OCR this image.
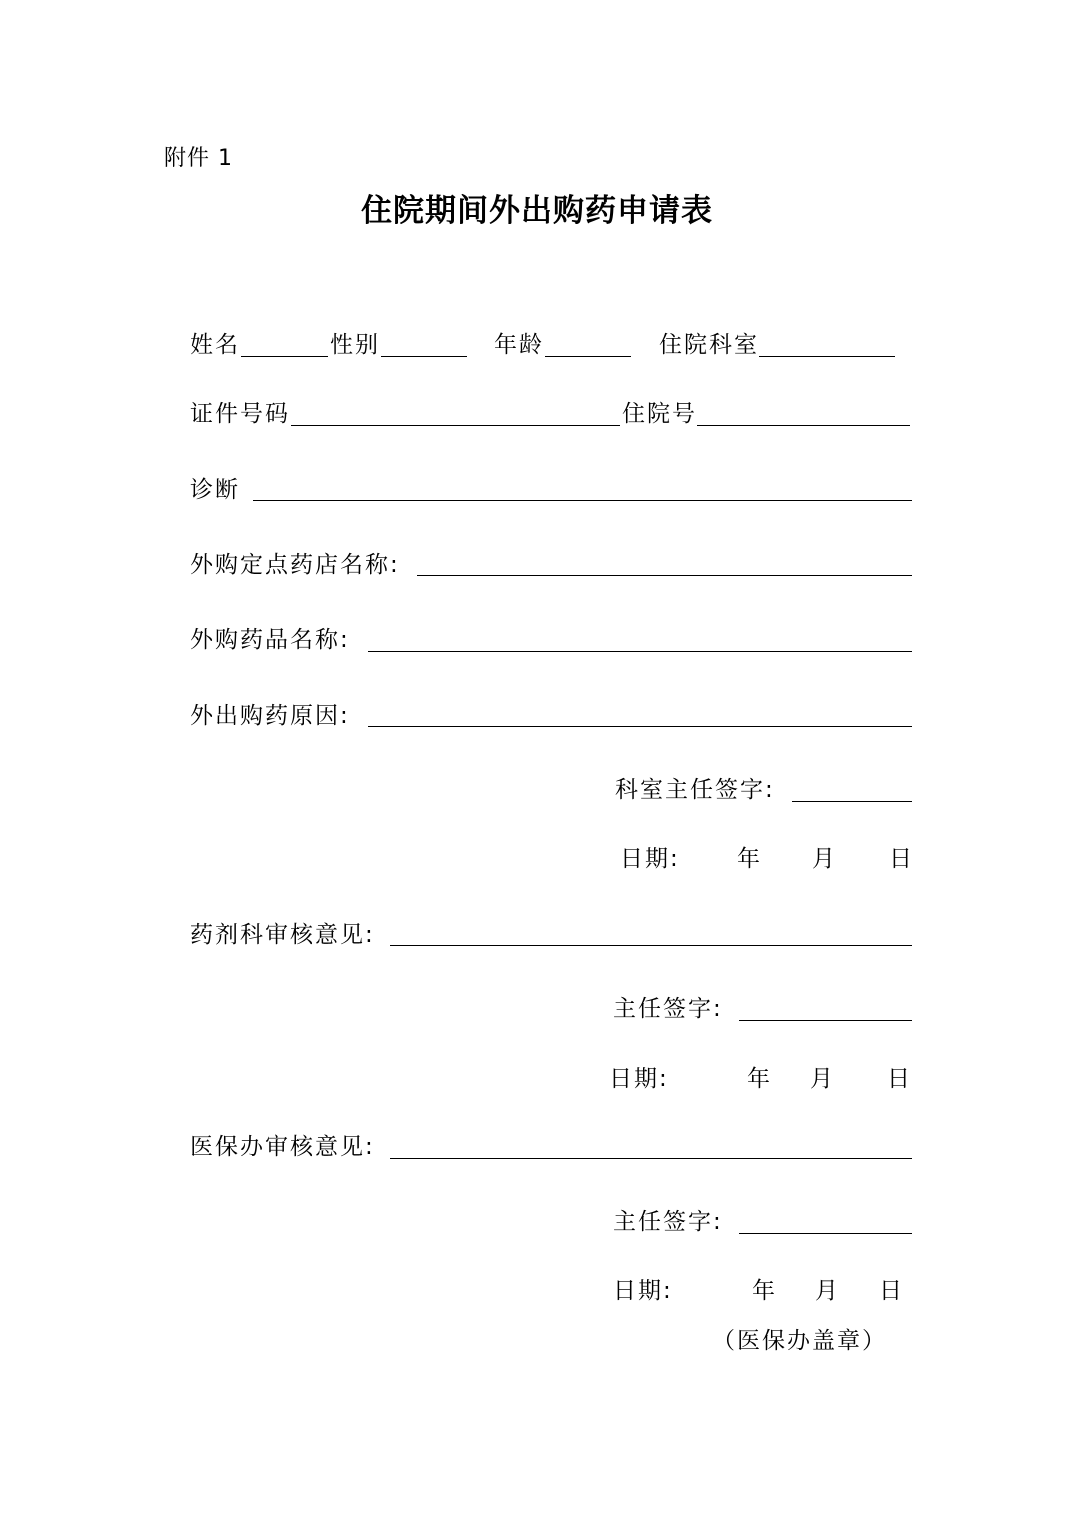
附件 1
住院期间外出购药申请表
姓名	性别	年龄	住院科室
证件号码	住院号
诊断
外购定点药店名称:
外购药品名称:
外出购药原因:
科室主任签字:
日期: 年 月 日
药剂科审核意见:
主任签字:
日期:	年 月 日
医保办审核意见:
主任签字:
日期:	年 月 日
（医保办盖章）
